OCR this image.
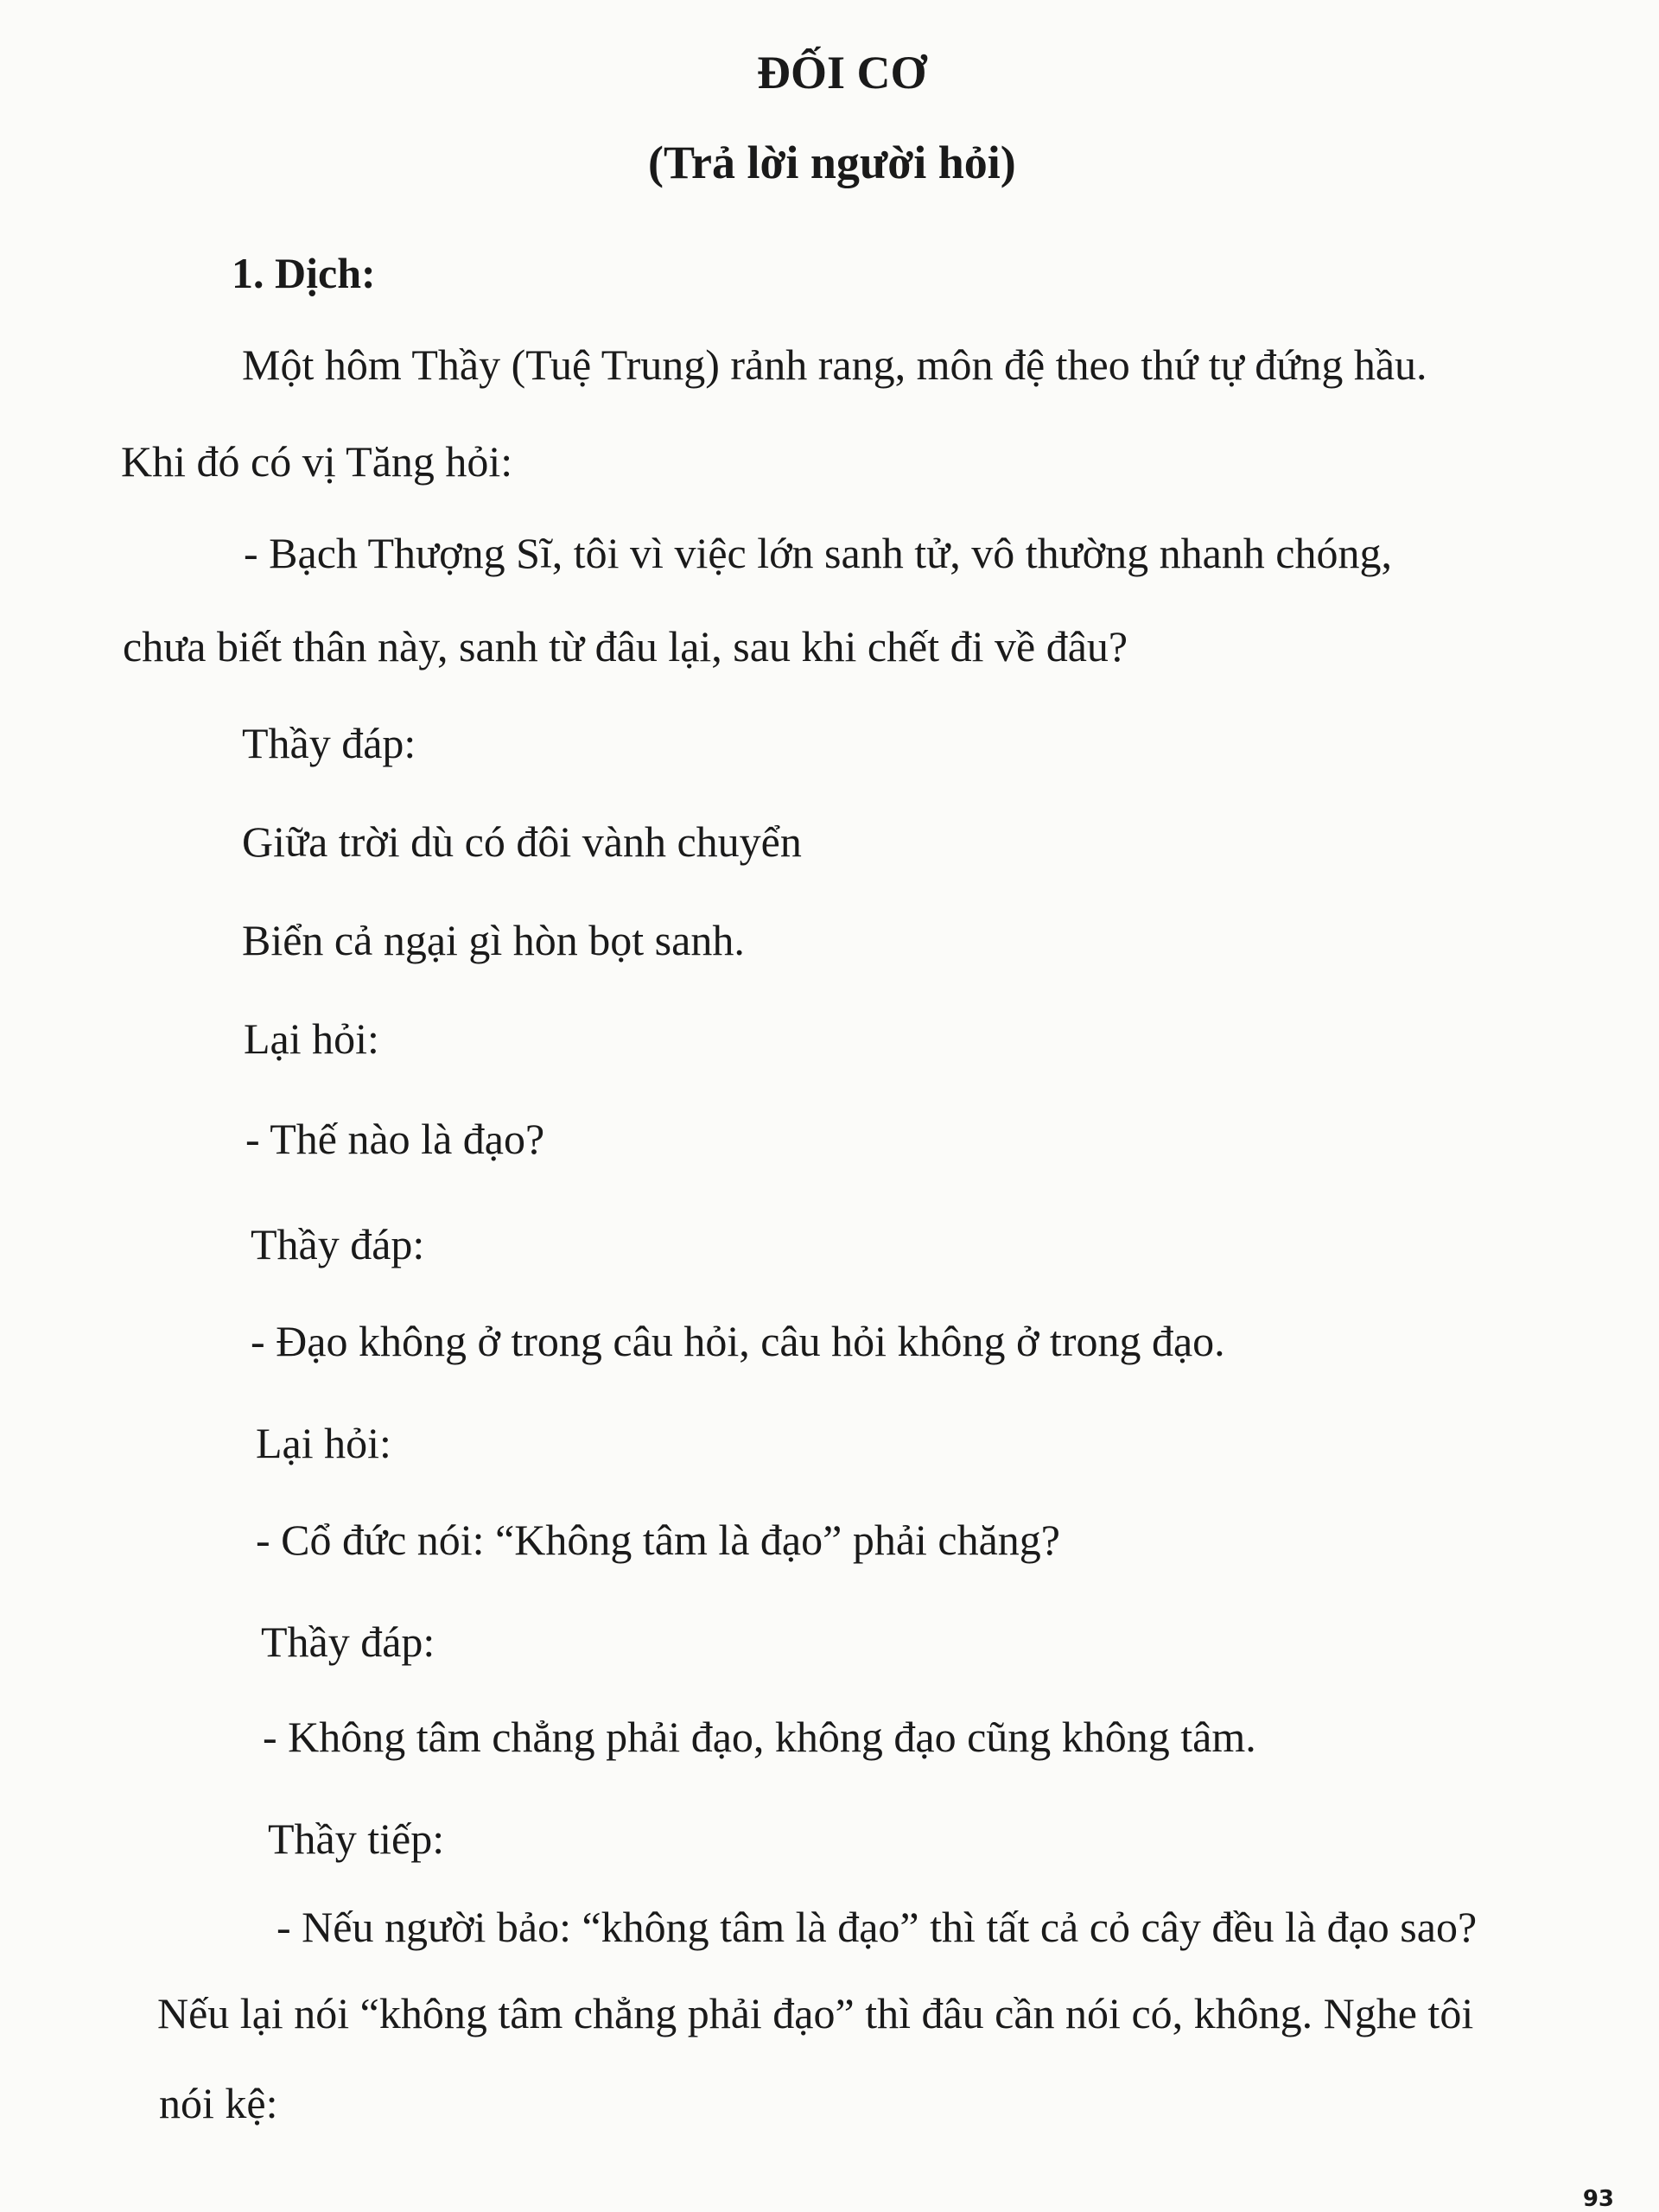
ĐỐI CƠ
(Trả lời người hỏi)
1. Dịch:
Một hôm Thầy (Tuệ Trung) rảnh rang, môn đệ theo thứ tự đứng hầu.
Khi đó có vị Tăng hỏi:
- Bạch Thượng Sĩ, tôi vì việc lớn sanh tử, vô thường nhanh chóng,
chưa biết thân này, sanh từ đâu lại, sau khi chết đi về đâu?
Thầy đáp:
Giữa trời dù có đôi vành chuyển
Biển cả ngại gì hòn bọt sanh.
Lại hỏi:
- Thế nào là đạo?
Thầy đáp:
- Đạo không ở trong câu hỏi, câu hỏi không ở trong đạo.
Lại hỏi:
- Cổ đức nói: “Không tâm là đạo” phải chăng?
Thầy đáp:
- Không tâm chẳng phải đạo, không đạo cũng không tâm.
Thầy tiếp:
- Nếu người bảo: “không tâm là đạo” thì tất cả cỏ cây đều là đạo sao?
Nếu lại nói “không tâm chẳng phải đạo” thì đâu cần nói có, không. Nghe tôi
nói kệ:
93
